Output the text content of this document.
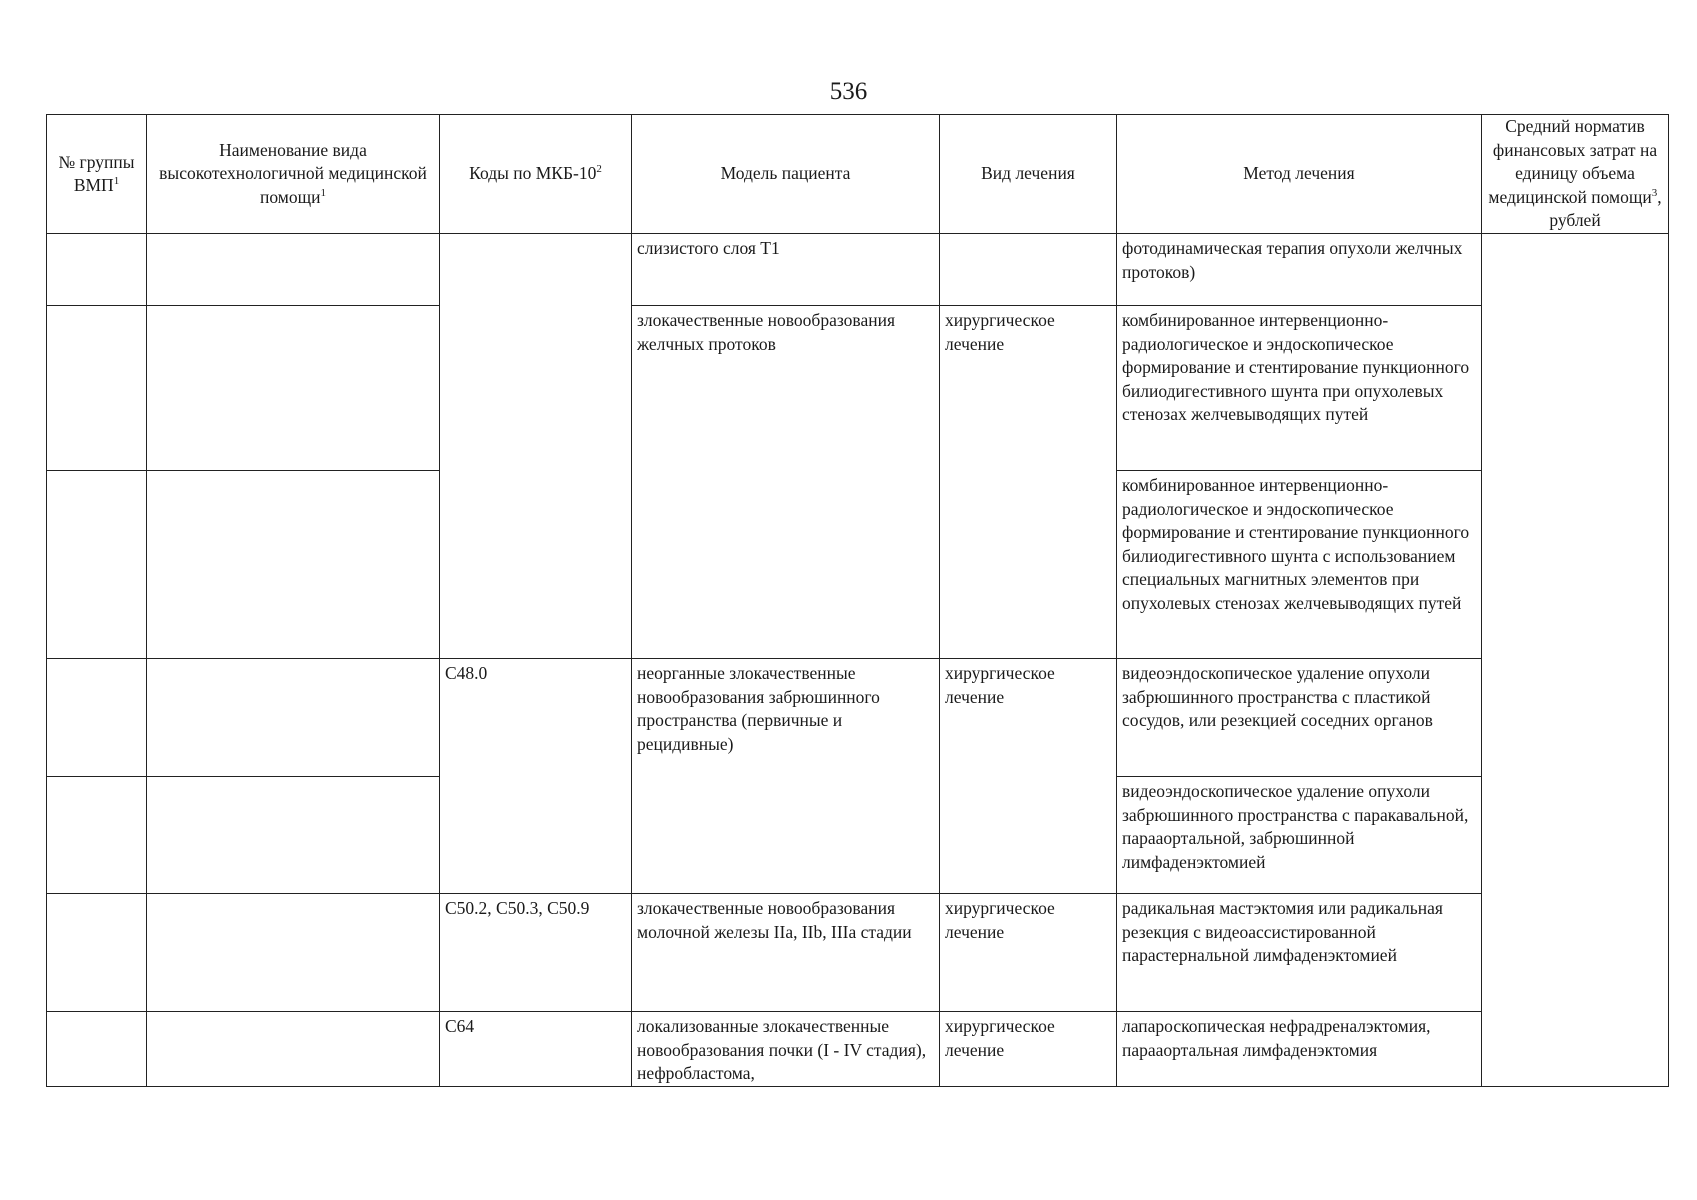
536
№ группы ВМП$^1$	Наименование вида высокотехнологичной медицинской помощи$^1$	Коды по МКБ-$10^2$	Модель пациента	Вид лечения	Метод лечения	Средний норматив финансовых затрат на единицу объема медицинской помощи$^3$, рублей
			слизистого слоя Т1		фотодинамическая терапия опухоли желчных протоков)	
			злокачественные новообразования желчных протоков	хирургическое лечение	комбинированное интервенционно-радиологическое и эндоскопическое формирование и стентирование пункционного билиодигестивного шунта при опухолевых стенозах желчевыводящих путей	
					комбинированное интервенционно-радиологическое и эндоскопическое формирование и стентирование пункционного билиодигестивного шунта с использованием специальных магнитных элементов при опухолевых стенозах желчевыводящих путей	
		С48.0	неорганные злокачественные новообразования забрюшинного пространства (первичные и рецидивные)	хирургическое лечение	видеоэндоскопическое удаление опухоли забрюшинного пространства с пластикой сосудов, или резекцией соседних органов	
					видеоэндоскопическое удаление опухоли забрюшинного пространства с паракавальной, парааортальной, забрюшинной лимфаденэктомией	
		С50.2, С50.3, С50.9	злокачественные новообразования молочной железы IIa, IIb, IIIa стадии	хирургическое лечение	радикальная мастэктомия или радикальная резекция с видеоассистированной парастернальной лимфаденэктомией	
		С64	локализованные злокачественные новообразования почки (I - IV стадия), нефробластома,	хирургическое лечение	лапароскопическая нефрадреналэктомия, парааортальная лимфаденэктомия	
